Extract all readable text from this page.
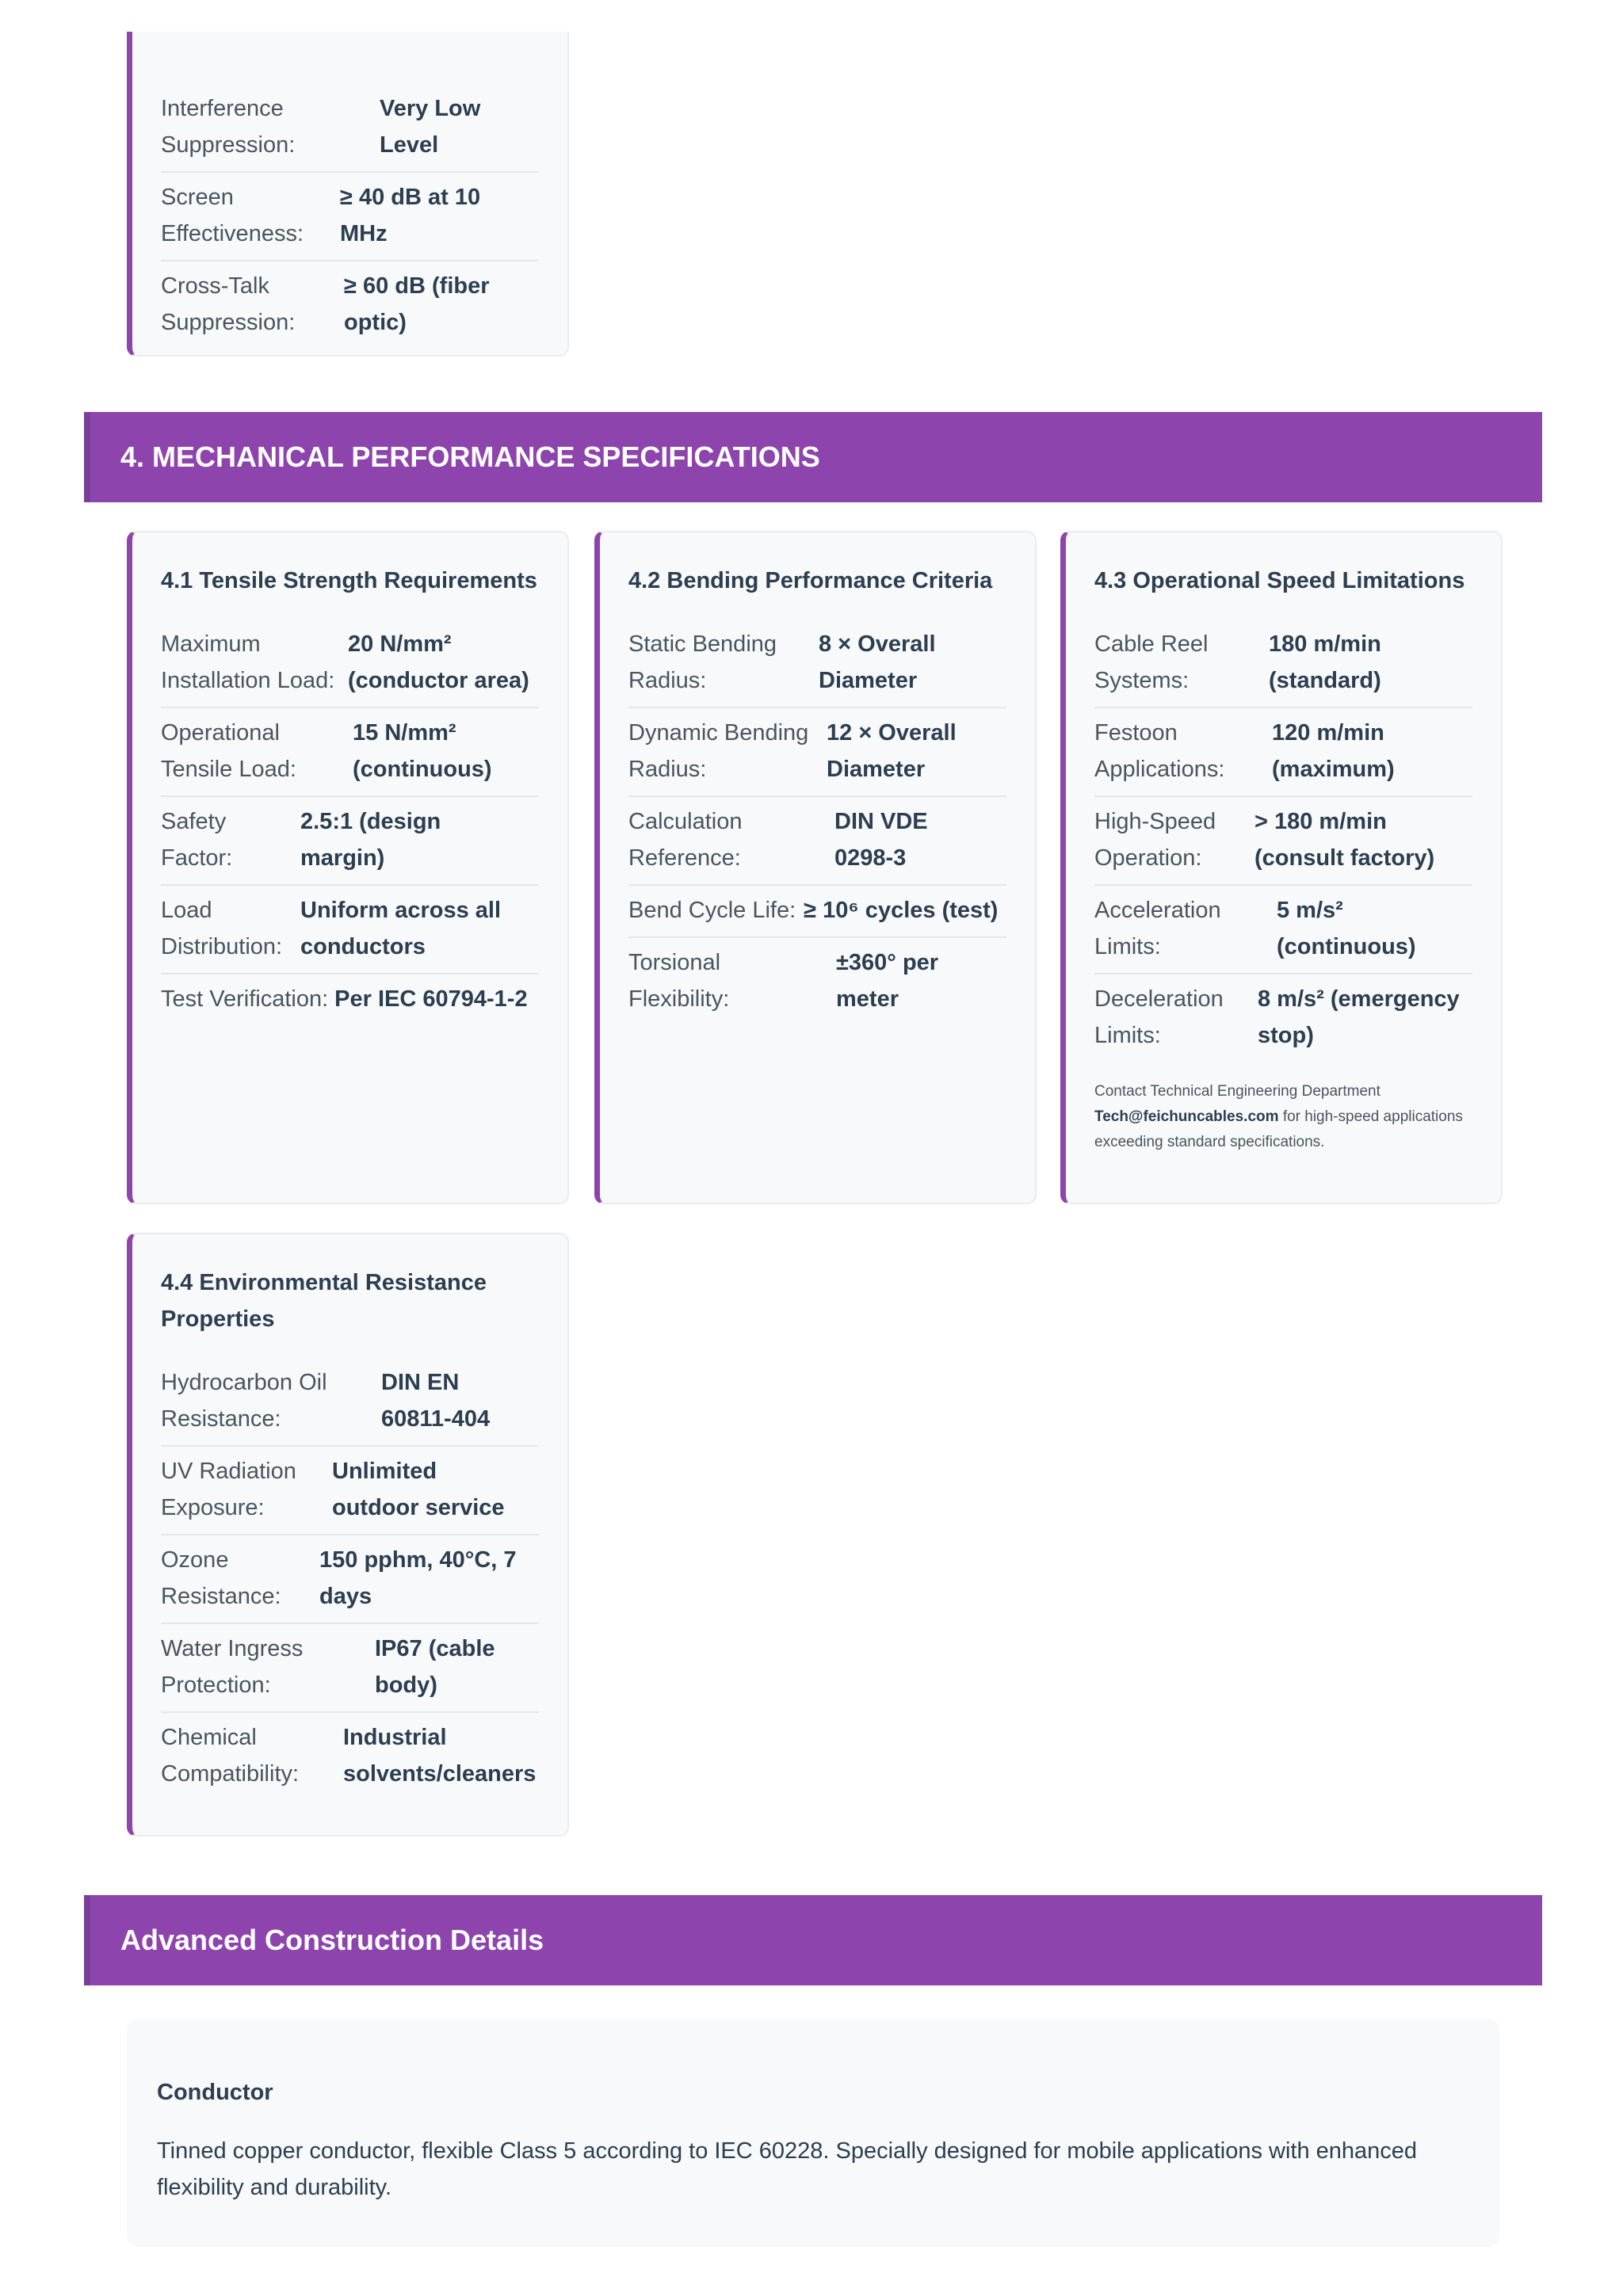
Interference Suppression:
Very Low Level
Screen Effectiveness:
≥ 40 dB at 10 MHz
Cross-Talk Suppression:
≥ 60 dB (fiber optic)
4. MECHANICAL PERFORMANCE SPECIFICATIONS
4.1 Tensile Strength Requirements
Maximum Installation Load:
20 N/mm² (conductor area)
Operational Tensile Load:
15 N/mm² (continuous)
Safety Factor:
2.5:1 (design margin)
Load Distribution:
Uniform across all conductors
Test Verification: Per IEC 60794-1-2
4.2 Bending Performance Criteria
Static Bending Radius:
8 × Overall Diameter
Dynamic Bending Radius:
12 × Overall Diameter
Calculation Reference:
DIN VDE 0298-3
Bend Cycle Life: ≥ 10⁶ cycles (test)
Torsional Flexibility:
±360° per meter
4.3 Operational Speed Limitations
Cable Reel Systems:
180 m/min (standard)
Festoon Applications:
120 m/min (maximum)
High-Speed Operation:
> 180 m/min (consult factory)
Acceleration Limits:
5 m/s² (continuous)
Deceleration Limits:
8 m/s² (emergency stop)
Contact Technical Engineering Department
Tech@feichuncables.com for high-speed applications exceeding standard specifications.
4.4 Environmental Resistance Properties
Hydrocarbon Oil Resistance:
DIN EN 60811-404
UV Radiation Exposure:
Unlimited outdoor service
Ozone Resistance:
150 pphm, 40°C, 7 days
Water Ingress Protection:
IP67 (cable body)
Chemical Compatibility:
Industrial solvents/cleaners
Advanced Construction Details
Conductor

Tinned copper conductor, flexible Class 5 according to IEC 60228. Specially designed for mobile applications with enhanced flexibility and durability.
